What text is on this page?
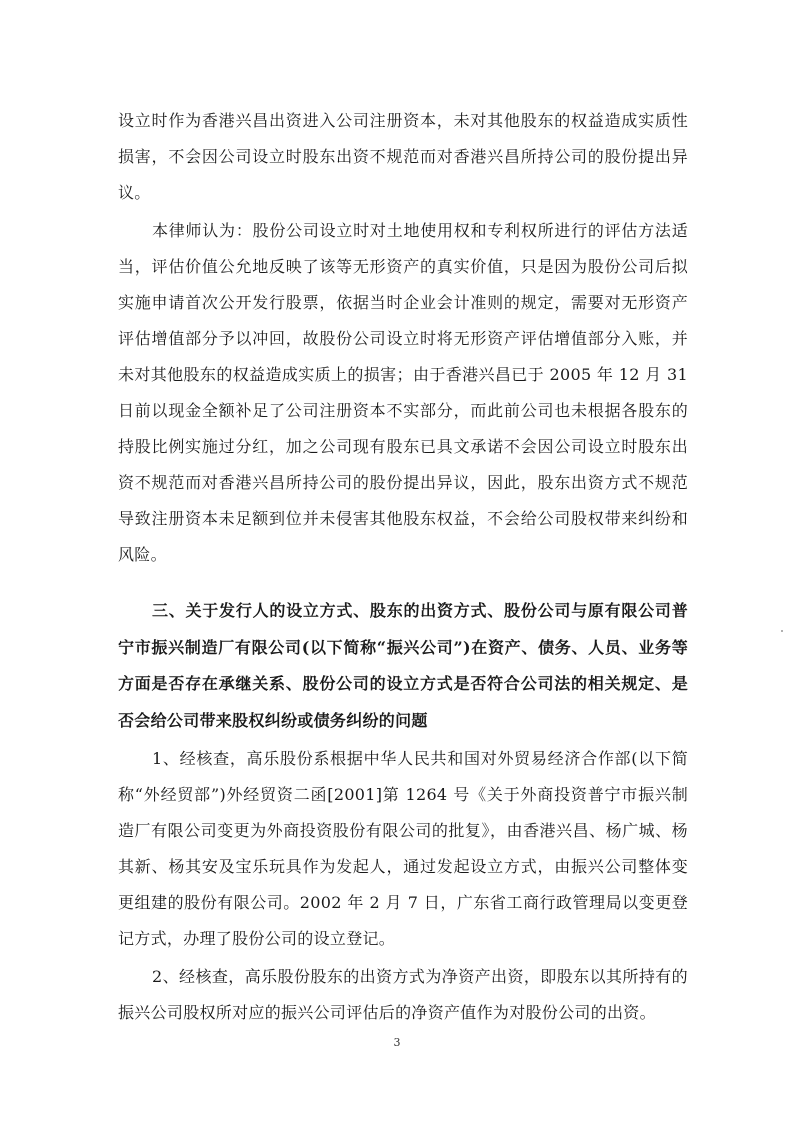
设立时作为香港兴昌出资进入公司注册资本，未对其他股东的权益造成实质性损害，不会因公司设立时股东出资不规范而对香港兴昌所持公司的股份提出异议。

本律师认为：股份公司设立时对土地使用权和专利权所进行的评估方法适当，评估价值公允地反映了该等无形资产的真实价值，只是因为股份公司后拟实施申请首次公开发行股票，依据当时企业会计准则的规定，需要对无形资产评估增值部分予以冲回，故股份公司设立时将无形资产评估增值部分入账，并未对其他股东的权益造成实质上的损害；由于香港兴昌已于 2005 年 12 月 31 日前以现金全额补足了公司注册资本不实部分，而此前公司也未根据各股东的持股比例实施过分红，加之公司现有股东已具文承诺不会因公司设立时股东出资不规范而对香港兴昌所持公司的股份提出异议，因此，股东出资方式不规范导致注册资本未足额到位并未侵害其他股东权益，不会给公司股权带来纠纷和风险。

三、关于发行人的设立方式、股东的出资方式、股份公司与原有限公司普宁市振兴制造厂有限公司(以下简称“振兴公司”)在资产、债务、人员、业务等方面是否存在承继关系、股份公司的设立方式是否符合公司法的相关规定、是否会给公司带来股权纠纷或债务纠纷的问题

1、经核查，高乐股份系根据中华人民共和国对外贸易经济合作部(以下简称“外经贸部”)外经贸资二函[2001]第 1264 号《关于外商投资普宁市振兴制造厂有限公司变更为外商投资股份有限公司的批复》，由香港兴昌、杨广城、杨其新、杨其安及宝乐玩具作为发起人，通过发起设立方式，由振兴公司整体变更组建的股份有限公司。2002 年 2 月 7 日，广东省工商行政管理局以变更登记方式，办理了股份公司的设立登记。

2、经核查，高乐股份股东的出资方式为净资产出资，即股东以其所持有的振兴公司股权所对应的振兴公司评估后的净资产值作为对股份公司的出资。

3
